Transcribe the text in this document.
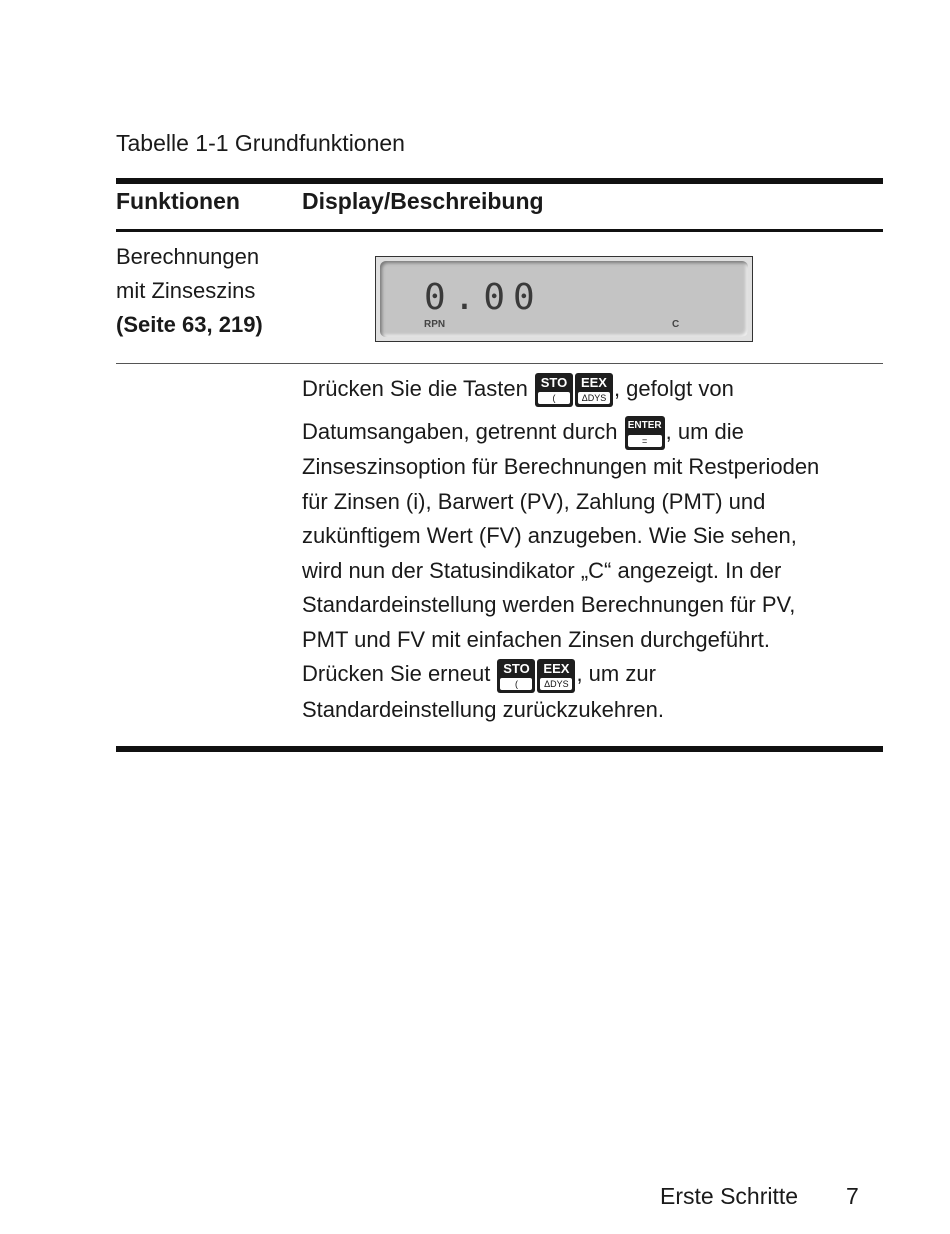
Tabelle 1-1 Grundfunktionen
Funktionen	Display/Beschreibung
Berechnungen
mit Zinseszins
(Seite 63, 219)
0.00
RPN	C

Drücken Sie die Tasten STO
(
EEX
ΔDYS , gefolgt von

Datumsangaben, getrennt durch ENTER
= , um die

Zinseszinsoption für Berechnungen mit Restperioden

für Zinsen (i), Barwert (PV), Zahlung (PMT) und

zukünftigem Wert (FV) anzugeben. Wie Sie sehen,

wird nun der Statusindikator „C“ angezeigt. In der

Standardeinstellung werden Berechnungen für PV,

PMT und FV mit einfachen Zinsen durchgeführt.

Drücken Sie erneut STO
(
EEX
ΔDYS , um zur

Standardeinstellung zurückzukehren.

Erste Schritte 7
